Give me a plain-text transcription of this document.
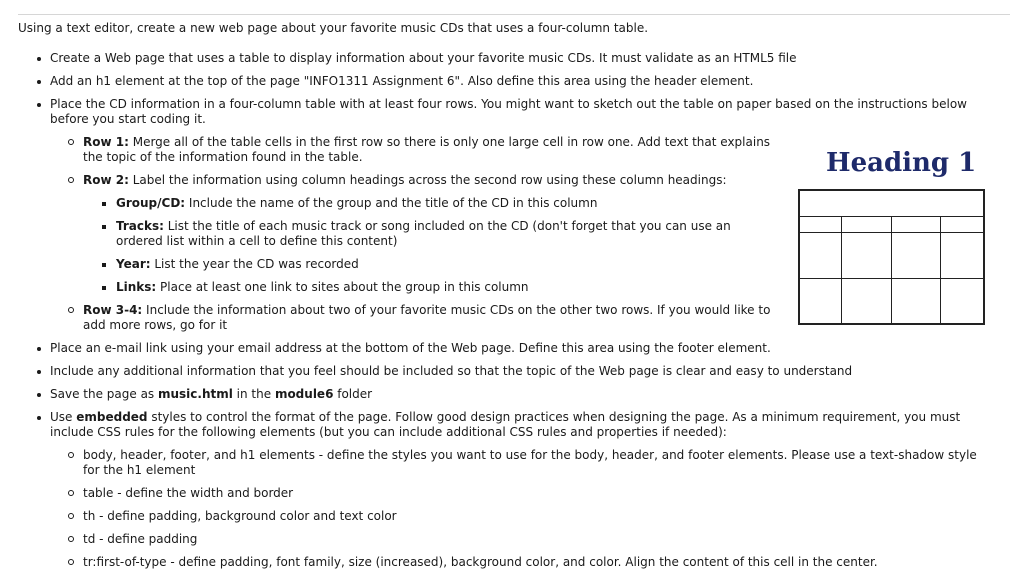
Using a text editor, create a new web page about your favorite music CDs that uses a four-column table.
Create a Web page that uses a table to display information about your favorite music CDs. It must validate as an HTML5 file
Add an h1 element at the top of the page "INFO1311 Assignment 6". Also define this area using the header element.
Place the CD information in a four-column table with at least four rows. You might want to sketch out the table on paper based on the instructions below before you start coding it.
Row 1: Merge all of the table cells in the first row so there is only one large cell in row one. Add text that explains the topic of the information found in the table.
Row 2: Label the information using column headings across the second row using these column headings:
Group/CD: Include the name of the group and the title of the CD in this column
Tracks: List the title of each music track or song included on the CD (don't forget that you can use an ordered list within a cell to define this content)
Year: List the year the CD was recorded
Links: Place at least one link to sites about the group in this column
Row 3-4: Include the information about two of your favorite music CDs on the other two rows. If you would like to add more rows, go for it
Place an e-mail link using your email address at the bottom of the Web page. Define this area using the footer element.
Include any additional information that you feel should be included so that the topic of the Web page is clear and easy to understand
Save the page as music.html in the module6 folder
Use embedded styles to control the format of the page. Follow good design practices when designing the page. As a minimum requirement, you must include CSS rules for the following elements (but you can include additional CSS rules and properties if needed):
body, header, footer, and h1 elements - define the styles you want to use for the body, header, and footer elements. Please use a text-shadow style for the h1 element
table - define the width and border
th - define padding, background color and text color
td - define padding
tr:first-of-type - define padding, font family, size (increased), background color, and color. Align the content of this cell in the center.
Heading 1
